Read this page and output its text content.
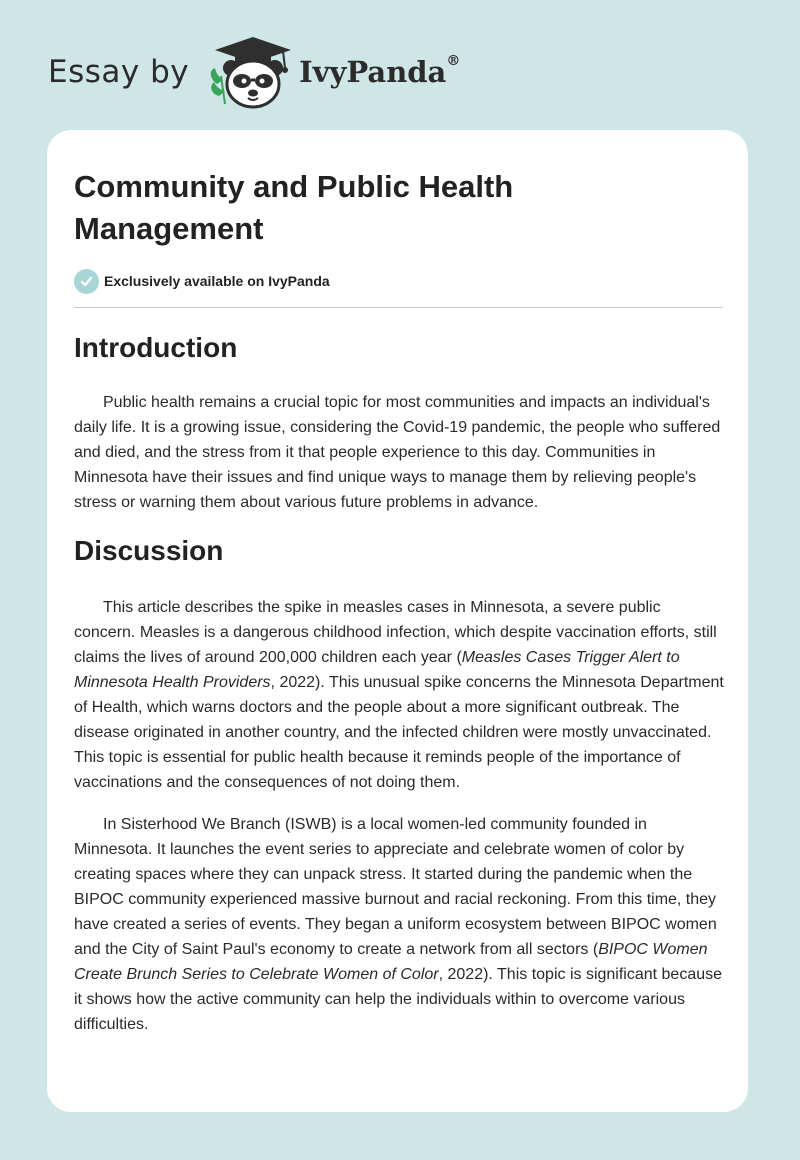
Essay by	IvyPanda®
Community and Public Health Management
Exclusively available on IvyPanda
Introduction

Public health remains a crucial topic for most communities and impacts an individual's daily life. It is a growing issue, considering the Covid-19 pandemic, the people who suffered and died, and the stress from it that people experience to this day. Communities in Minnesota have their issues and find unique ways to manage them by relieving people's stress or warning them about various future problems in advance.

Discussion

This article describes the spike in measles cases in Minnesota, a severe public concern. Measles is a dangerous childhood infection, which despite vaccination efforts, still claims the lives of around 200,000 children each year (Measles Cases Trigger Alert to Minnesota Health Providers, 2022). This unusual spike concerns the Minnesota Department of Health, which warns doctors and the people about a more significant outbreak. The disease originated in another country, and the infected children were mostly unvaccinated. This topic is essential for public health because it reminds people of the importance of vaccinations and the consequences of not doing them.

In Sisterhood We Branch (ISWB) is a local women-led community founded in Minnesota. It launches the event series to appreciate and celebrate women of color by creating spaces where they can unpack stress. It started during the pandemic when the BIPOC community experienced massive burnout and racial reckoning. From this time, they have created a series of events. They began a uniform ecosystem between BIPOC women and the City of Saint Paul's economy to create a network from all sectors (BIPOC Women Create Brunch Series to Celebrate Women of Color, 2022). This topic is significant because it shows how the active community can help the individuals within to overcome various difficulties.
